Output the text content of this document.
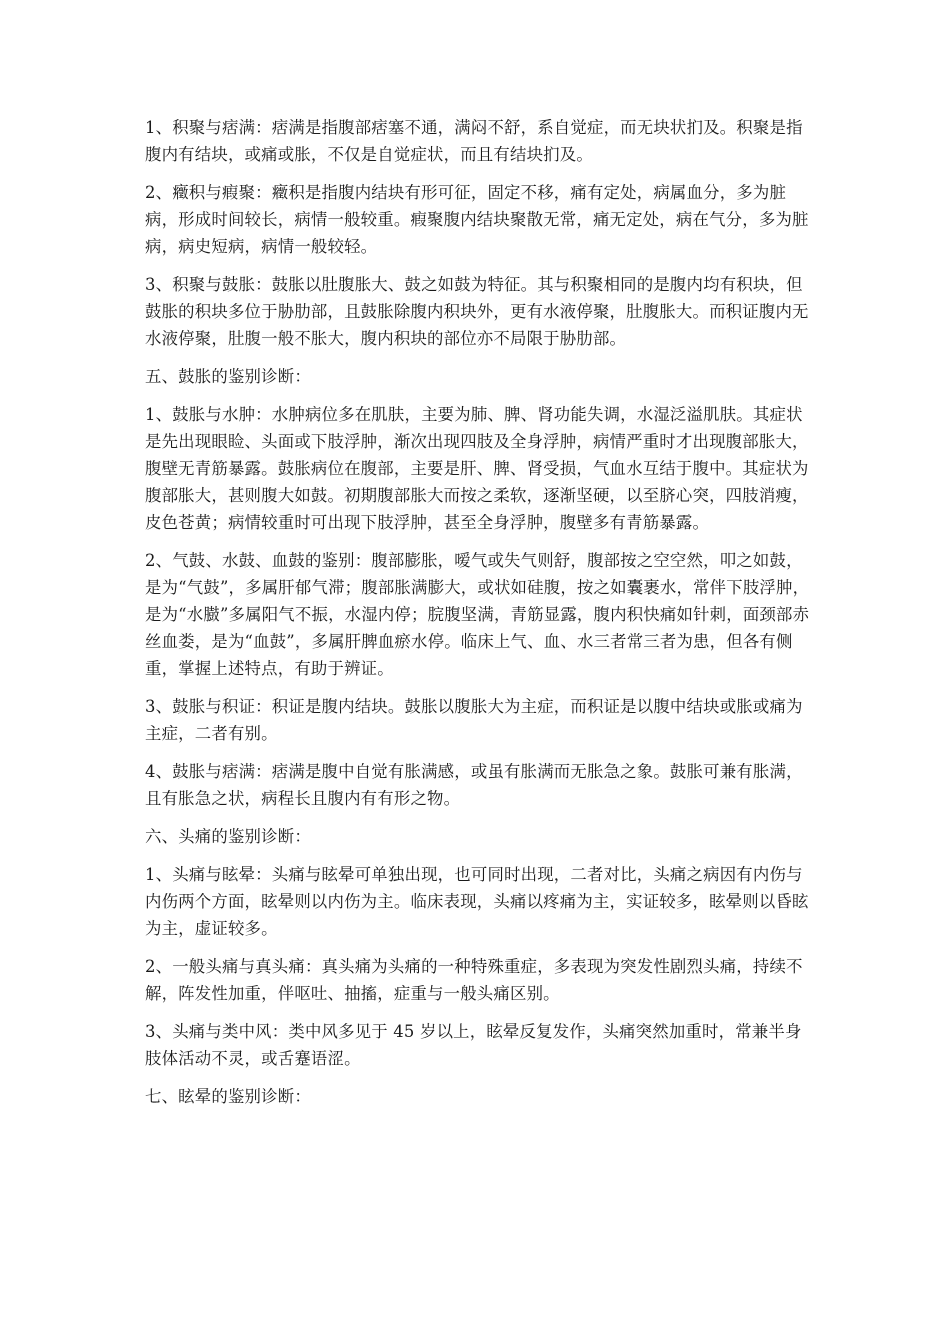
1、积聚与痞满：痞满是指腹部痞塞不通，满闷不舒，系自觉症，而无块状扪及。积聚是指腹内有结块，或痛或胀，不仅是自觉症状，而且有结块扪及。

2、癥积与瘕聚：癥积是指腹内结块有形可征，固定不移，痛有定处，病属血分，多为脏病，形成时间较长，病情一般较重。瘕聚腹内结块聚散无常，痛无定处，病在气分，多为脏病，病史短病，病情一般较轻。

3、积聚与鼓胀：鼓胀以肚腹胀大、鼓之如鼓为特征。其与积聚相同的是腹内均有积块，但鼓胀的积块多位于胁肋部，且鼓胀除腹内积块外，更有水液停聚，肚腹胀大。而积证腹内无水液停聚，肚腹一般不胀大，腹内积块的部位亦不局限于胁肋部。

五、鼓胀的鉴别诊断：

1、鼓胀与水肿：水肿病位多在肌肤，主要为肺、脾、肾功能失调，水湿泛溢肌肤。其症状是先出现眼睑、头面或下肢浮肿，渐次出现四肢及全身浮肿，病情严重时才出现腹部胀大，腹壁无青筋暴露。鼓胀病位在腹部，主要是肝、脾、肾受损，气血水互结于腹中。其症状为腹部胀大，甚则腹大如鼓。初期腹部胀大而按之柔软，逐渐坚硬，以至脐心突，四肢消瘦，皮色苍黄；病情较重时可出现下肢浮肿，甚至全身浮肿，腹壁多有青筋暴露。

2、气鼓、水鼓、血鼓的鉴别：腹部膨胀，嗳气或失气则舒，腹部按之空空然，叩之如鼓，是为“气鼓”，多属肝郁气滞；腹部胀满膨大，或状如硅腹，按之如囊裹水，常伴下肢浮肿，是为“水臌”多属阳气不振，水湿内停；脘腹坚满，青筋显露，腹内积快痛如针刺，面颈部赤丝血娄，是为“血鼓”，多属肝脾血瘀水停。临床上气、血、水三者常三者为患，但各有侧重，掌握上述特点，有助于辨证。

3、鼓胀与积证：积证是腹内结块。鼓胀以腹胀大为主症，而积证是以腹中结块或胀或痛为主症，二者有别。

4、鼓胀与痞满：痞满是腹中自觉有胀满感，或虽有胀满而无胀急之象。鼓胀可兼有胀满，且有胀急之状，病程长且腹内有有形之物。

六、头痛的鉴别诊断：

1、头痛与眩晕：头痛与眩晕可单独出现，也可同时出现，二者对比，头痛之病因有内伤与内伤两个方面，眩晕则以内伤为主。临床表现，头痛以疼痛为主，实证较多，眩晕则以昏眩为主，虚证较多。

2、一般头痛与真头痛：真头痛为头痛的一种特殊重症，多表现为突发性剧烈头痛，持续不解，阵发性加重，伴呕吐、抽搐，症重与一般头痛区别。

3、头痛与类中风：类中风多见于 45 岁以上，眩晕反复发作，头痛突然加重时，常兼半身肢体活动不灵，或舌蹇语涩。

七、眩晕的鉴别诊断：
